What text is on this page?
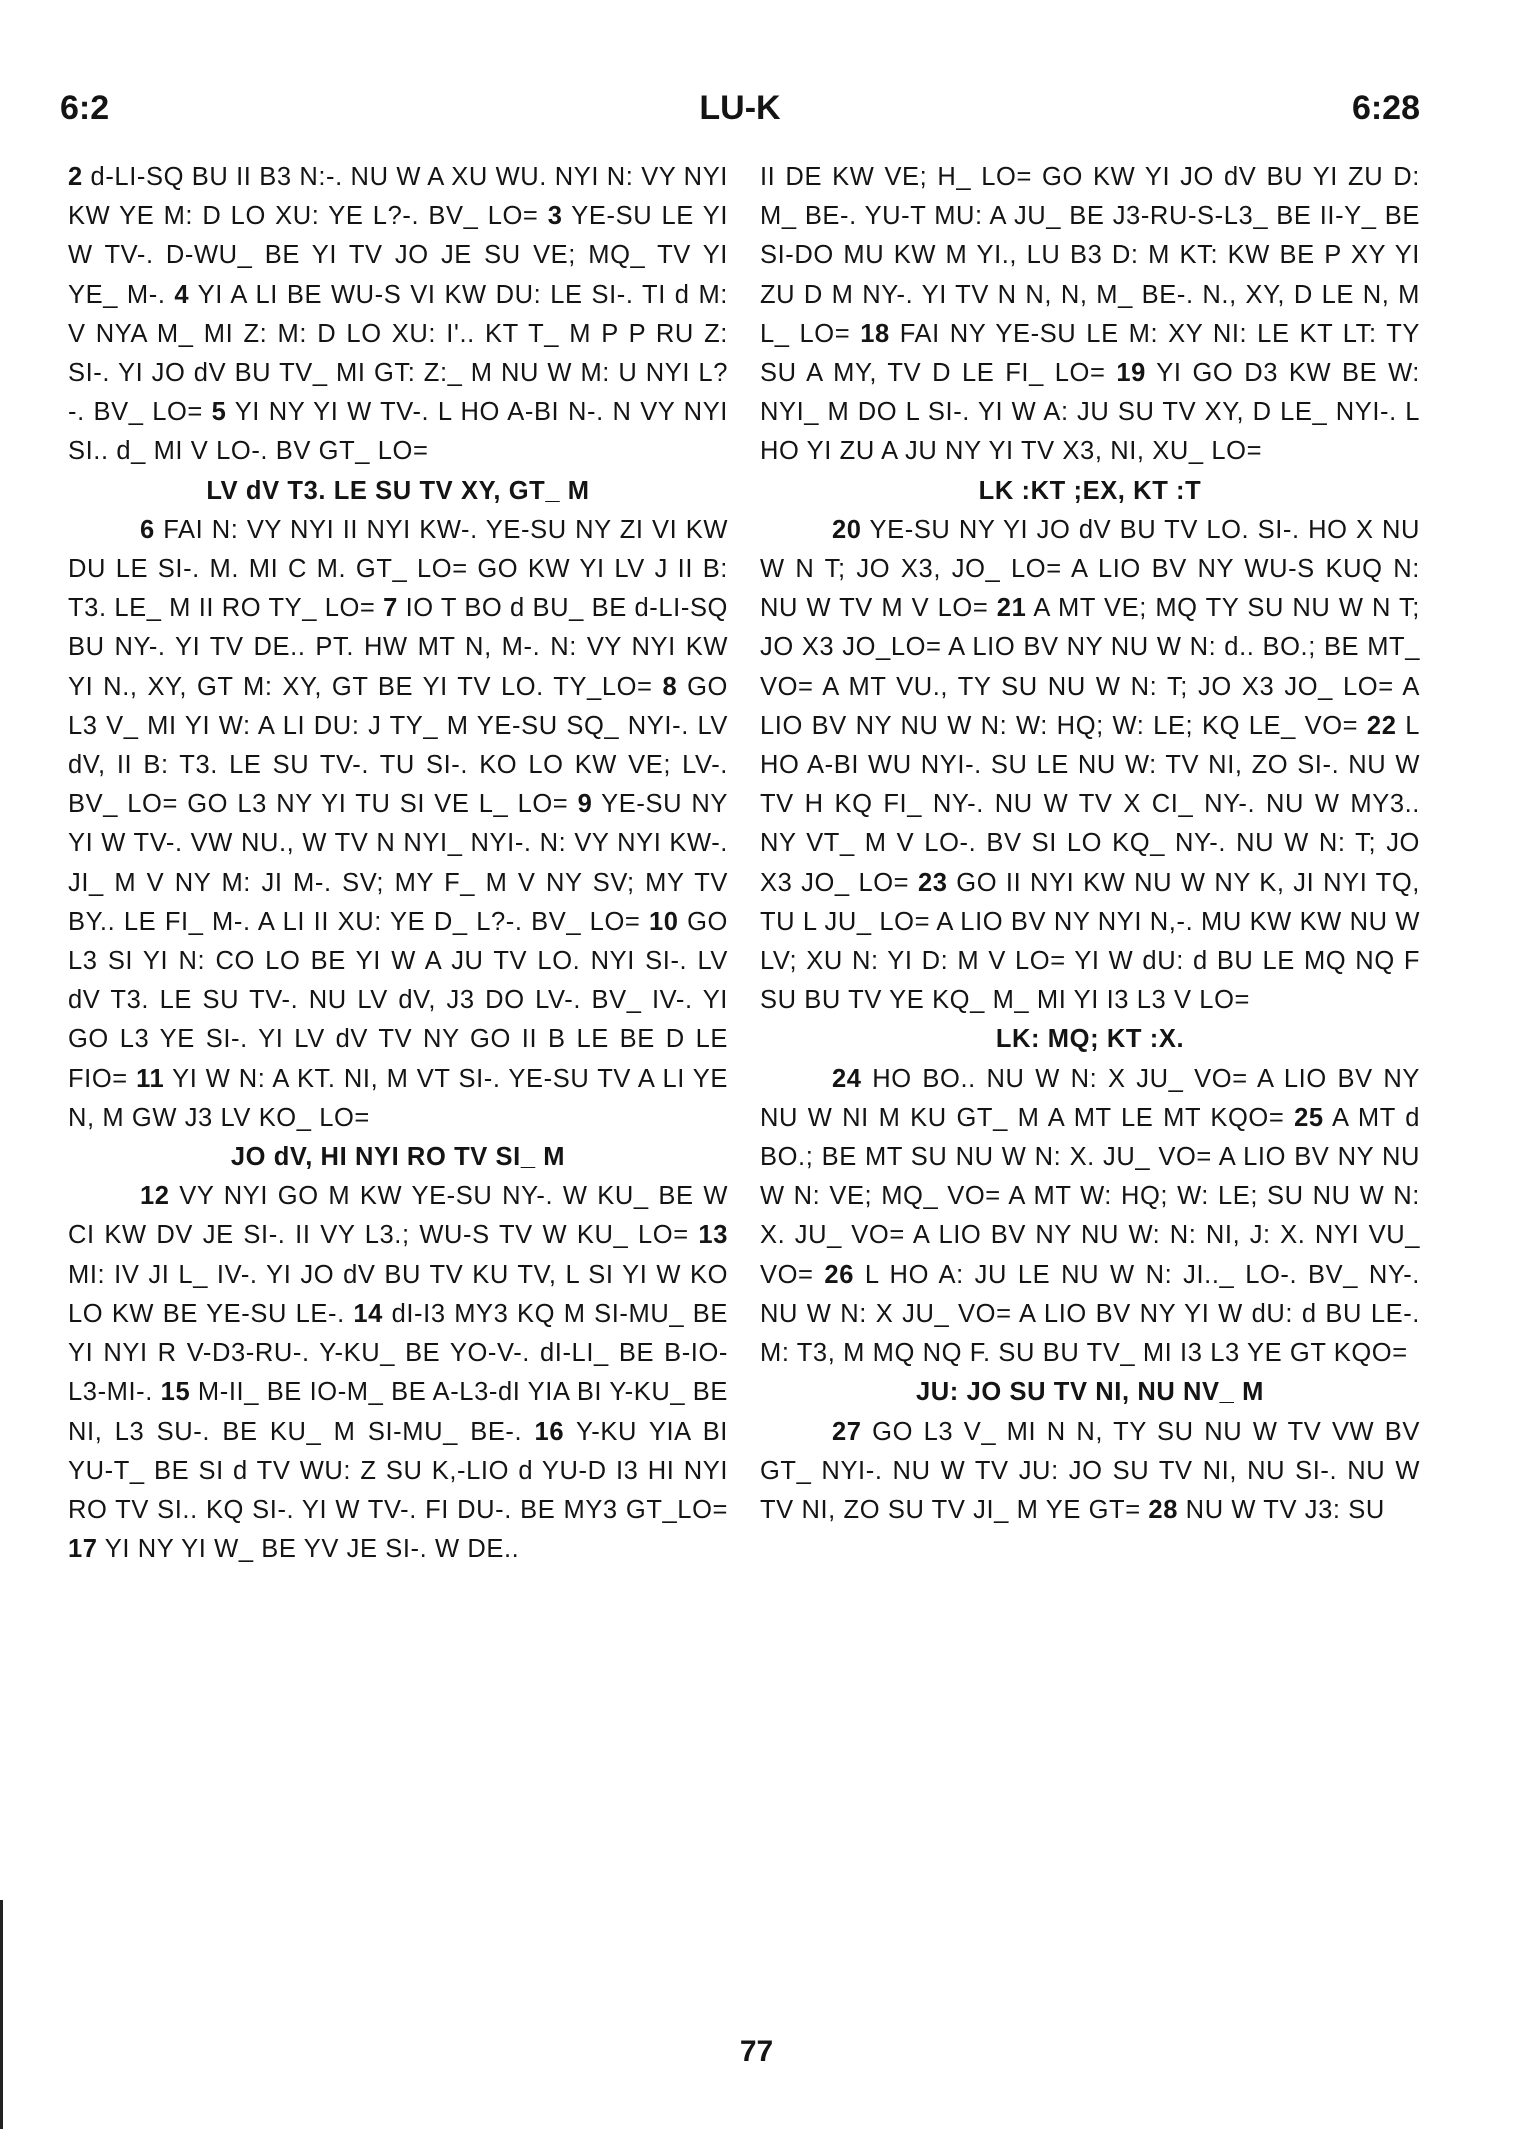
6:2	LU-K	6:28
2 d-LI-SQ BU II B3 N:-. NU W A XU WU. NYI N: VY NYI KW YE M: D LO XU: YE L?-. BV_ LO= 3 YE-SU LE YI W TV-. D-WU_ BE YI TV JO JE SU VE; MQ_ TV YI YE_ M-. 4 YI A LI BE WU-S VI KW DU: LE SI-. TI d M: V NYA M_ MI Z: M: D LO XU: I'.. KT T_ M P P RU Z: SI-. YI JO dV BU TV_ MI GT: Z:_ M NU W M: U NYI L?-. BV_ LO= 5 YI NY YI W TV-. L HO A-BI N-. N VY NYI SI.. d_ MI V LO-. BV GT_ LO=
LV dV T3. LE SU TV XY, GT_ M
6 FAI N: VY NYI II NYI KW-. YE-SU NY ZI VI KW DU LE SI-. M. MI C M. GT_ LO= GO KW YI LV J II B: T3. LE_ M II RO TY_ LO= 7 IO T BO d BU_ BE d-LI-SQ BU NY-. YI TV DE.. PT. HW MT N, M-. N: VY NYI KW YI N., XY, GT M: XY, GT BE YI TV LO. TY_LO= 8 GO L3 V_ MI YI W: A LI DU: J TY_ M YE-SU SQ_ NYI-. LV dV, II B: T3. LE SU TV-. TU SI-. KO LO KW VE; LV-. BV_ LO= GO L3 NY YI TU SI VE L_ LO= 9 YE-SU NY YI W TV-. VW NU., W TV N NYI_ NYI-. N: VY NYI KW-. JI_ M V NY M: JI M-. SV; MY F_ M V NY SV; MY TV BY.. LE FI_ M-. A LI II XU: YE D_ L?-. BV_ LO= 10 GO L3 SI YI N: CO LO BE YI W A JU TV LO. NYI SI-. LV dV T3. LE SU TV-. NU LV dV, J3 DO LV-. BV_ IV-. YI GO L3 YE SI-. YI LV dV TV NY GO II B LE BE D LE FIO= 11 YI W N: A KT. NI, M VT SI-. YE-SU TV A LI YE N, M GW J3 LV KO_ LO=
JO dV, HI NYI RO TV SI_ M
12 VY NYI GO M KW YE-SU NY-. W KU_ BE W CI KW DV JE SI-. II VY L3.; WU-S TV W KU_ LO= 13 MI: IV JI L_ IV-. YI JO dV BU TV KU TV, L SI YI W KO LO KW BE YE-SU LE-. 14 dI-I3 MY3 KQ M SI-MU_ BE YI NYI R V-D3-RU-. Y-KU_ BE YO-V-. dI-LI_ BE B-IO-L3-MI-. 15 M-II_ BE IO-M_ BE A-L3-dI YIA BI Y-KU_ BE NI, L3 SU-. BE KU_ M SI-MU_ BE-. 16 Y-KU YIA BI YU-T_ BE SI d TV WU: Z SU K,-LIO d YU-D I3 HI NYI RO TV SI.. KQ SI-. YI W TV-. FI DU-. BE MY3 GT_LO= 17 YI NY YI W_ BE YV JE SI-. W DE..
II DE KW VE; H_ LO= GO KW YI JO dV BU YI ZU D: M_ BE-. YU-T MU: A JU_ BE J3-RU-S-L3_ BE II-Y_ BE SI-DO MU KW M YI., LU B3 D: M KT: KW BE P XY YI ZU D M NY-. YI TV N N, N, M_ BE-. N., XY, D LE N, M L_ LO= 18 FAI NY YE-SU LE M: XY NI: LE KT LT: TY SU A MY, TV D LE FI_ LO= 19 YI GO D3 KW BE W: NYI_ M DO L SI-. YI W A: JU SU TV XY, D LE_ NYI-. L HO YI ZU A JU NY YI TV X3, NI, XU_ LO=
LK :KT ;EX, KT :T
20 YE-SU NY YI JO dV BU TV LO. SI-. HO X NU W N T; JO X3, JO_ LO= A LIO BV NY WU-S KUQ N: NU W TV M V LO= 21 A MT VE; MQ TY SU NU W N T; JO X3 JO_LO= A LIO BV NY NU W N: d.. BO.; BE MT_ VO= A MT VU., TY SU NU W N: T; JO X3 JO_ LO= A LIO BV NY NU W N: W: HQ; W: LE; KQ LE_ VO= 22 L HO A-BI WU NYI-. SU LE NU W: TV NI, ZO SI-. NU W TV H KQ FI_ NY-. NU W TV X CI_ NY-. NU W MY3.. NY VT_ M V LO-. BV SI LO KQ_ NY-. NU W N: T; JO X3 JO_ LO= 23 GO II NYI KW NU W NY K, JI NYI TQ, TU L JU_ LO= A LIO BV NY NYI N,-. MU KW KW NU W LV; XU N: YI D: M V LO= YI W dU: d BU LE MQ NQ F SU BU TV YE KQ_ M_ MI YI I3 L3 V LO=
LK: MQ; KT :X.
24 HO BO.. NU W N: X JU_ VO= A LIO BV NY NU W NI M KU GT_ M A MT LE MT KQO= 25 A MT d BO.; BE MT SU NU W N: X. JU_ VO= A LIO BV NY NU W N: VE; MQ_ VO= A MT W: HQ; W: LE; SU NU W N: X. JU_ VO= A LIO BV NY NU W: N: NI, J: X. NYI VU_ VO= 26 L HO A: JU LE NU W N: JI.._ LO-. BV_ NY-. NU W N: X JU_ VO= A LIO BV NY YI W dU: d BU LE-. M: T3, M MQ NQ F. SU BU TV_ MI I3 L3 YE GT KQO=
JU: JO SU TV NI, NU NV_ M
27 GO L3 V_ MI N N, TY SU NU W TV VW BV GT_ NYI-. NU W TV JU: JO SU TV NI, NU SI-. NU W TV NI, ZO SU TV JI_ M YE GT= 28 NU W TV J3: SU
77
